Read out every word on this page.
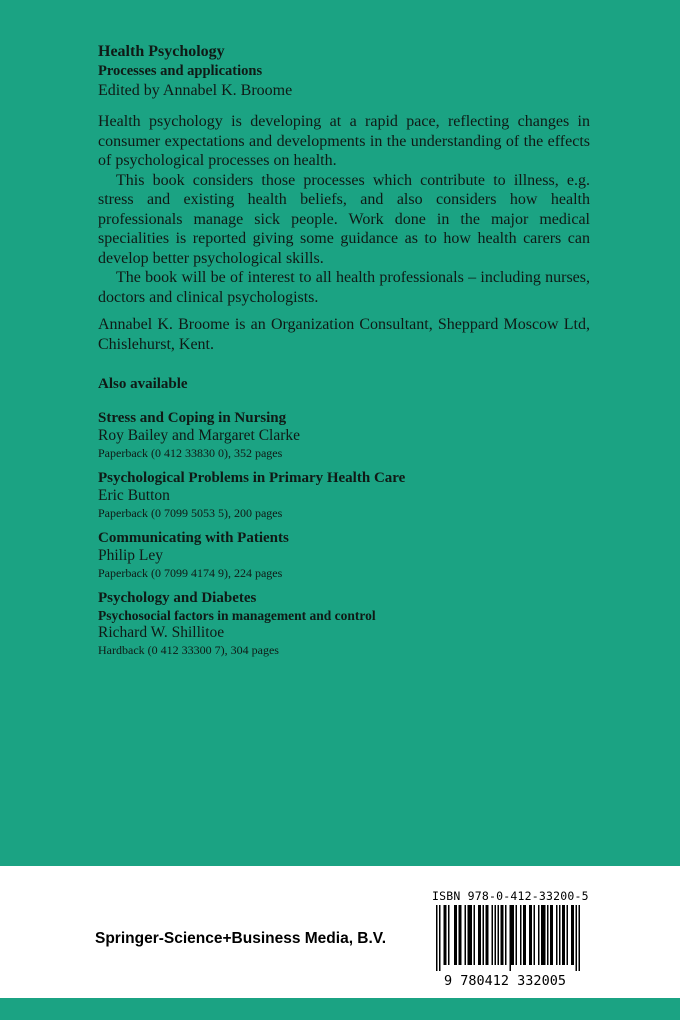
Health Psychology

Processes and applications

Edited by Annabel K. Broome

Health psychology is developing at a rapid pace, reflecting changes in consumer expectations and developments in the understanding of the effects of psychological processes on health.

This book considers those processes which contribute to illness, e.g. stress and existing health beliefs, and also considers how health professionals manage sick people. Work done in the major medical specialities is reported giving some guidance as to how health carers can develop better psychological skills.

The book will be of interest to all health professionals – including nurses, doctors and clinical psychologists.

Annabel K. Broome is an Organization Consultant, Sheppard Moscow Ltd, Chislehurst, Kent.

Also available

Stress and Coping in Nursing
Roy Bailey and Margaret Clarke
Paperback (0 412 33830 0), 352 pages
Psychological Problems in Primary Health Care
Eric Button
Paperback (0 7099 5053 5), 200 pages
Communicating with Patients
Philip Ley
Paperback (0 7099 4174 9), 224 pages
Psychology and Diabetes
Psychosocial factors in management and control
Richard W. Shillitoe
Hardback (0 412 33300 7), 304 pages
Springer-Science+Business Media, B.V.
ISBN 978-0-412-33200-5
9 780412 332005
